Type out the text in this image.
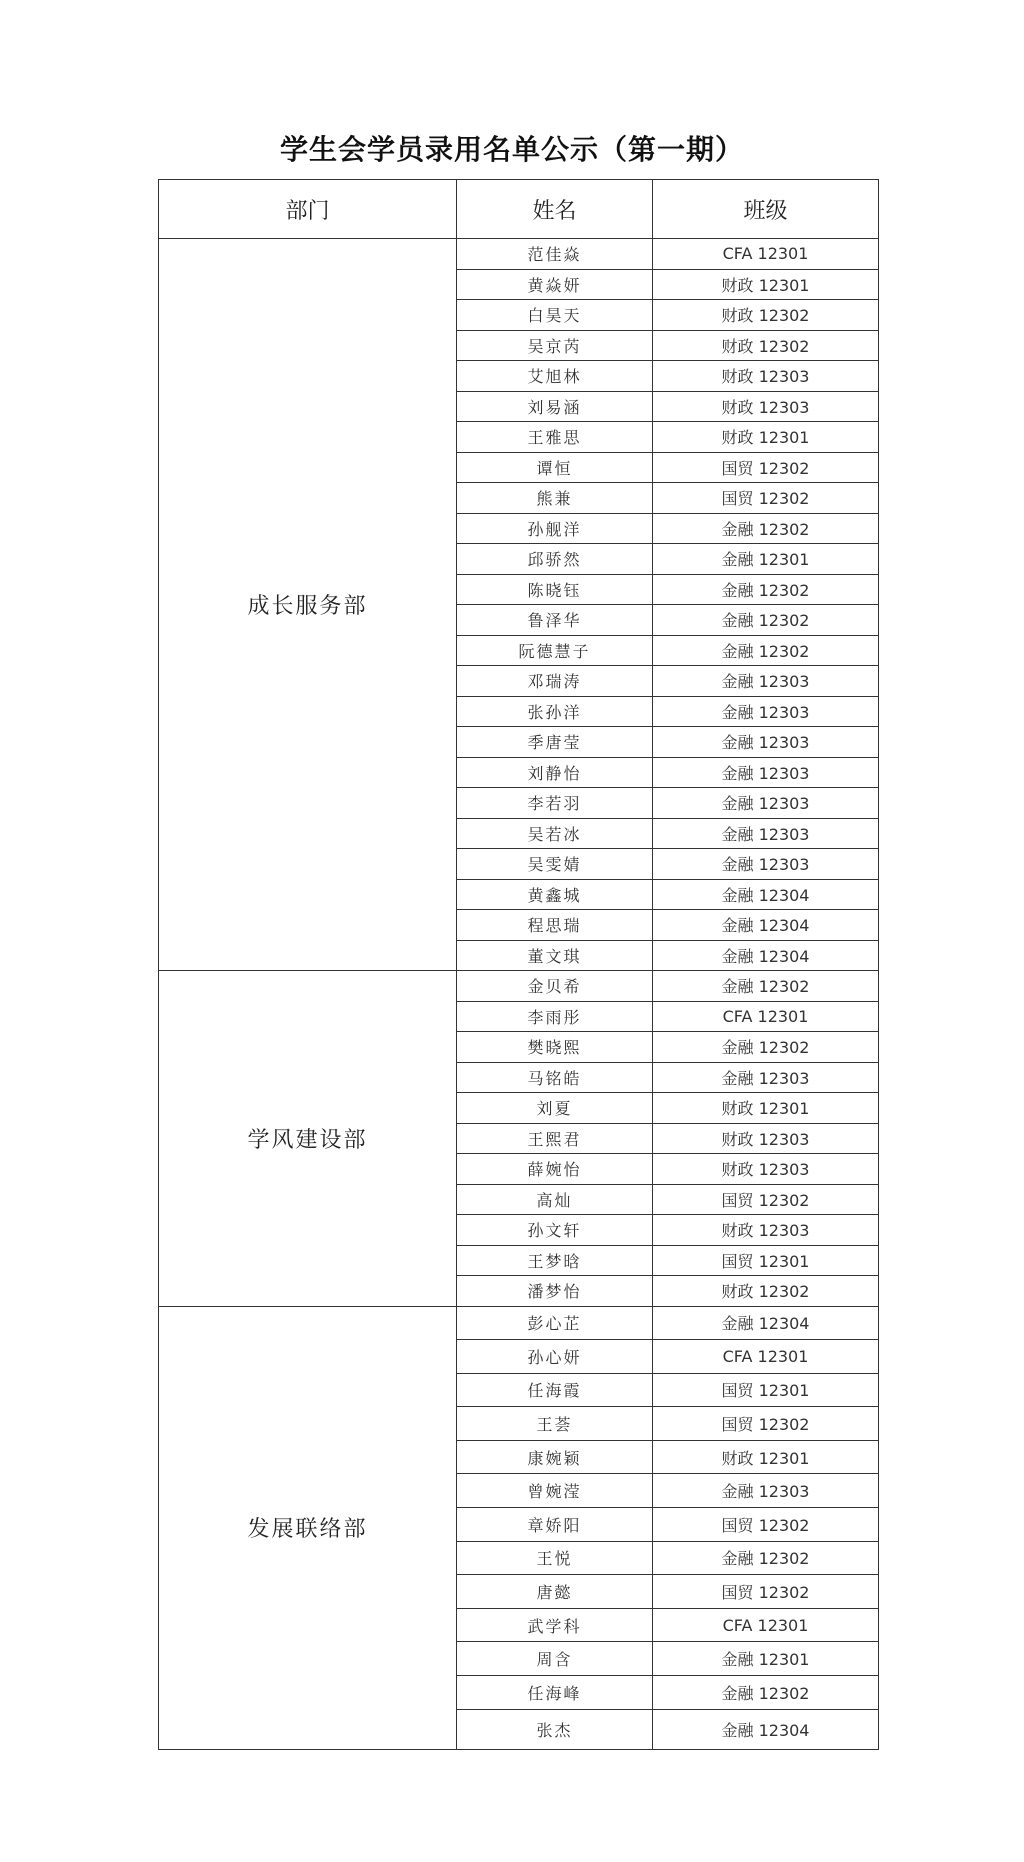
学生会学员录用名单公示（第一期）
部门	姓名	班级
成长服务部	范佳焱	CFA 12301
	黄焱妍	财政 12301
	白昊天	财政 12302
	吴京芮	财政 12302
	艾旭林	财政 12303
	刘易涵	财政 12303
	王雅思	财政 12301
	谭恒	国贸 12302
	熊兼	国贸 12302
	孙舰洋	金融 12302
	邱骄然	金融 12301
	陈晓钰	金融 12302
	鲁泽华	金融 12302
	阮德慧子	金融 12302
	邓瑞涛	金融 12303
	张孙洋	金融 12303
	季唐莹	金融 12303
	刘静怡	金融 12303
	李若羽	金融 12303
	吴若冰	金融 12303
	吴雯婧	金融 12303
	黄鑫城	金融 12304
	程思瑞	金融 12304
	董文琪	金融 12304
学风建设部	金贝希	金融 12302
	李雨彤	CFA 12301
	樊晓熙	金融 12302
	马铭皓	金融 12303
	刘夏	财政 12301
	王熙君	财政 12303
	薛婉怡	财政 12303
	高灿	国贸 12302
	孙文轩	财政 12303
	王梦晗	国贸 12301
	潘梦怡	财政 12302
发展联络部	彭心芷	金融 12304
	孙心妍	CFA 12301
	任海霞	国贸 12301
	王荟	国贸 12302
	康婉颖	财政 12301
	曾婉滢	金融 12303
	章娇阳	国贸 12302
	王悦	金融 12302
	唐懿	国贸 12302
	武学科	CFA 12301
	周含	金融 12301
	任海峰	金融 12302
	张杰	金融 12304
